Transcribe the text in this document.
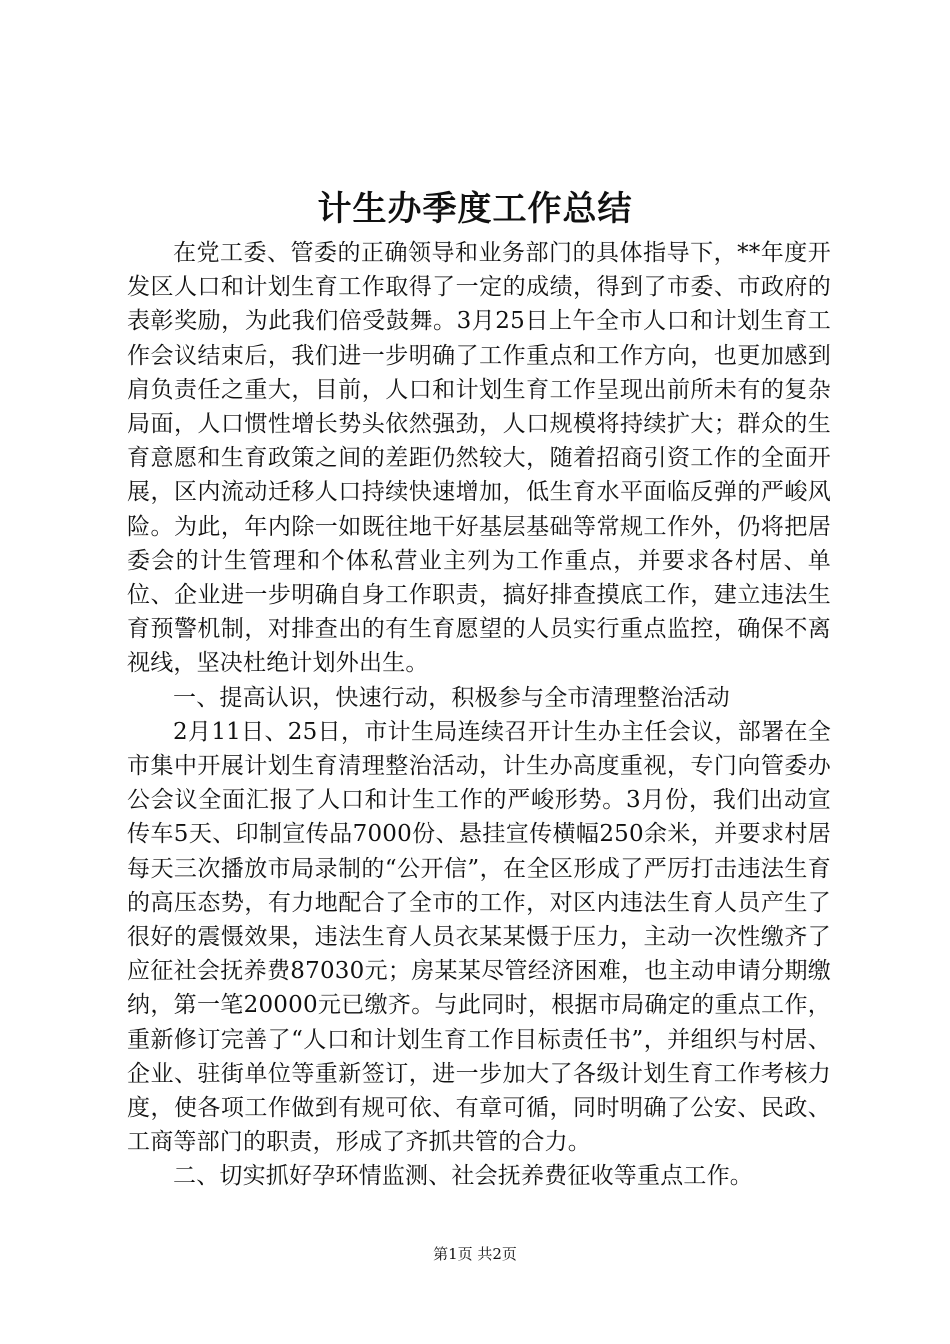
计生办季度工作总结

在党工委、管委的正确领导和业务部门的具体指导下，**年度开发区人口和计划生育工作取得了一定的成绩，得到了市委、市政府的表彰奖励，为此我们倍受鼓舞。3月25日上午全市人口和计划生育工作会议结束后，我们进一步明确了工作重点和工作方向，也更加感到肩负责任之重大，目前，人口和计划生育工作呈现出前所未有的复杂局面，人口惯性增长势头依然强劲，人口规模将持续扩大；群众的生育意愿和生育政策之间的差距仍然较大，随着招商引资工作的全面开展，区内流动迁移人口持续快速增加，低生育水平面临反弹的严峻风险。为此，年内除一如既往地干好基层基础等常规工作外，仍将把居委会的计生管理和个体私营业主列为工作重点，并要求各村居、单位、企业进一步明确自身工作职责，搞好排查摸底工作，建立违法生育预警机制，对排查出的有生育愿望的人员实行重点监控，确保不离视线，坚决杜绝计划外出生。

一、提高认识，快速行动，积极参与全市清理整治活动

2月11日、25日，市计生局连续召开计生办主任会议，部署在全市集中开展计划生育清理整治活动，计生办高度重视，专门向管委办公会议全面汇报了人口和计生工作的严峻形势。3月份，我们出动宣传车5天、印制宣传品7000份、悬挂宣传横幅250余米，并要求村居每天三次播放市局录制的“公开信”，在全区形成了严厉打击违法生育的高压态势，有力地配合了全市的工作，对区内违法生育人员产生了很好的震慑效果，违法生育人员衣某某慑于压力，主动一次性缴齐了应征社会抚养费87030元；房某某尽管经济困难，也主动申请分期缴纳，第一笔20000元已缴齐。与此同时，根据市局确定的重点工作，重新修订完善了“人口和计划生育工作目标责任书”，并组织与村居、企业、驻街单位等重新签订，进一步加大了各级计划生育工作考核力度，使各项工作做到有规可依、有章可循，同时明确了公安、民政、工商等部门的职责，形成了齐抓共管的合力。

二、切实抓好孕环情监测、社会抚养费征收等重点工作。

第1页 共2页
